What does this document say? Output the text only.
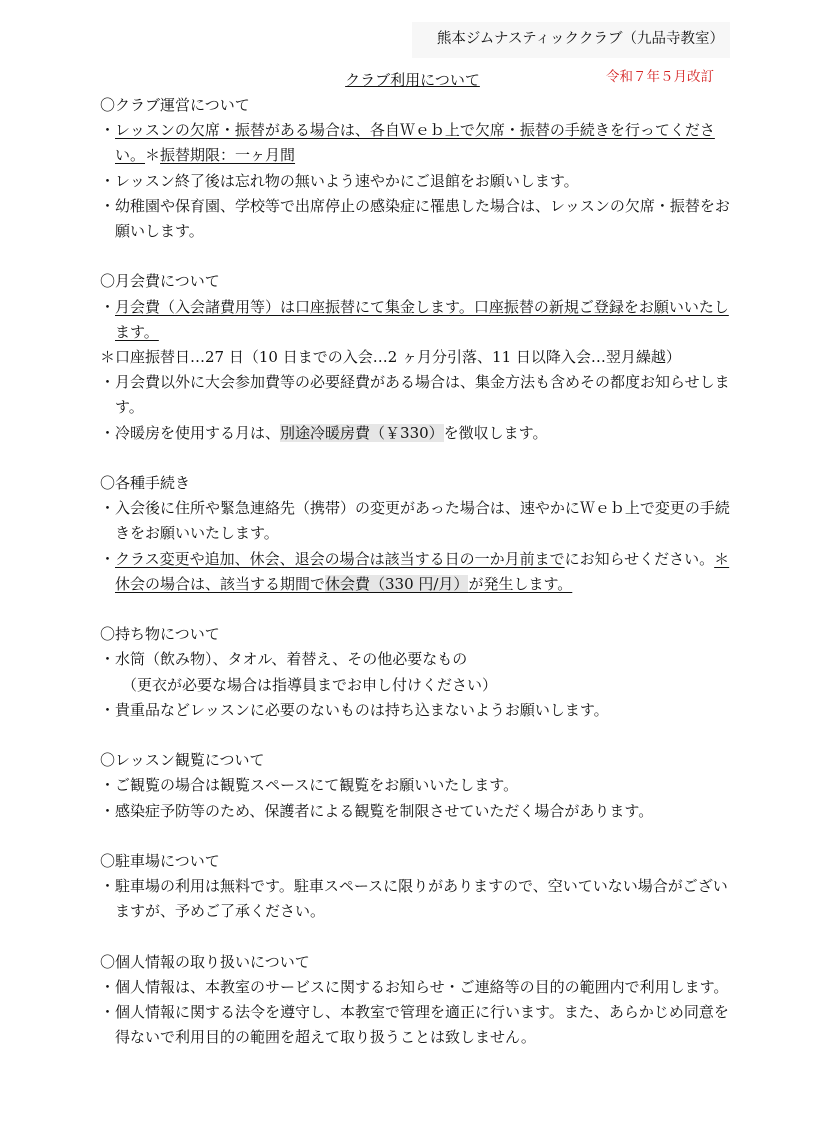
熊本ジムナスティッククラブ（九品寺教室）
クラブ利用について	令和７年５月改訂

〇クラブ運営について

・レッスンの欠席・振替がある場合は、各自Ｗｅｂ上で欠席・振替の手続きを行ってください。＊振替期限：一ヶ月間

・レッスン終了後は忘れ物の無いよう速やかにご退館をお願いします。

・幼稚園や保育園、学校等で出席停止の感染症に罹患した場合は、レッスンの欠席・振替をお願いします。

〇月会費について

・月会費（入会諸費用等）は口座振替にて集金します。口座振替の新規ご登録をお願いいたします。

＊口座振替日…27 日（10 日までの入会…2 ヶ月分引落、11 日以降入会…翌月繰越）

・月会費以外に大会参加費等の必要経費がある場合は、集金方法も含めその都度お知らせします。

・冷暖房を使用する月は、別途冷暖房費（￥330）を徴収します。

〇各種手続き

・入会後に住所や緊急連絡先（携帯）の変更があった場合は、速やかにＷｅｂ上で変更の手続きをお願いいたします。

・クラス変更や追加、休会、退会の場合は該当する日の一か月前までにお知らせください。＊休会の場合は、該当する期間で休会費（330 円/月）が発生します。

〇持ち物について

・水筒（飲み物）、タオル、着替え、その他必要なもの

（更衣が必要な場合は指導員までお申し付けください）

・貴重品などレッスンに必要のないものは持ち込まないようお願いします。

〇レッスン観覧について

・ご観覧の場合は観覧スペースにて観覧をお願いいたします。

・感染症予防等のため、保護者による観覧を制限させていただく場合があります。

〇駐車場について

・駐車場の利用は無料です。駐車スペースに限りがありますので、空いていない場合がございますが、予めご了承ください。

〇個人情報の取り扱いについて

・個人情報は、本教室のサービスに関するお知らせ・ご連絡等の目的の範囲内で利用します。

・個人情報に関する法令を遵守し、本教室で管理を適正に行います。また、あらかじめ同意を得ないで利用目的の範囲を超えて取り扱うことは致しません。
